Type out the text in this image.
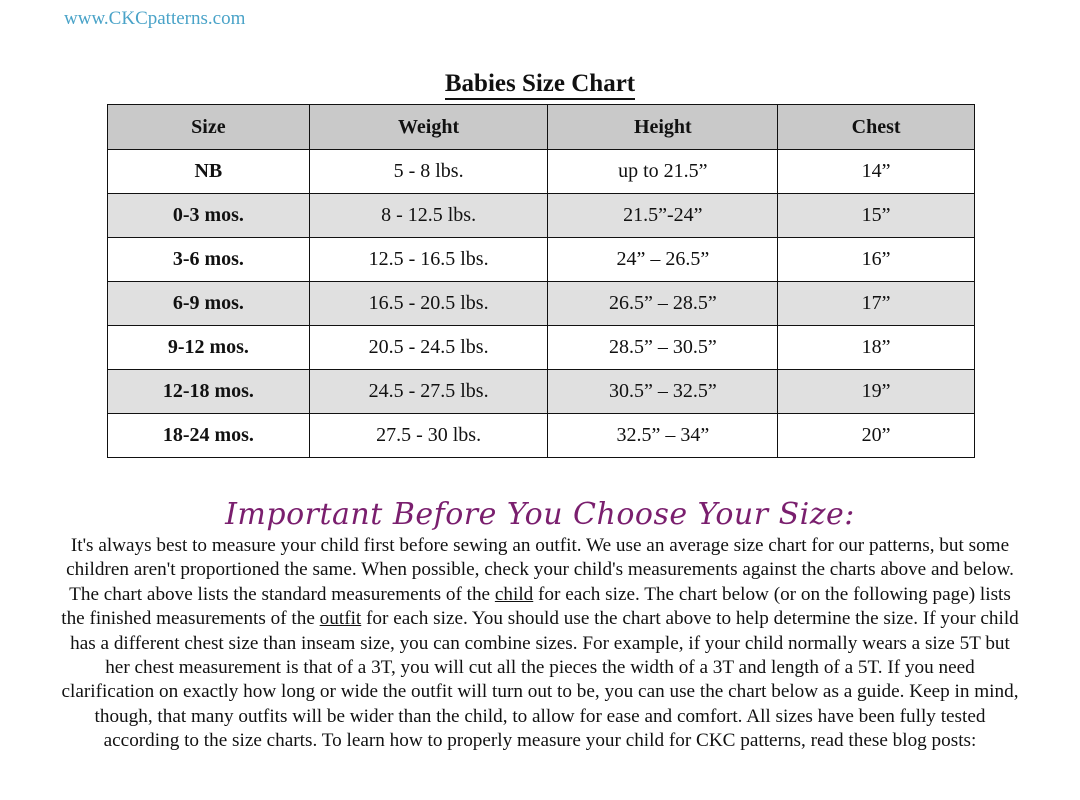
www.CKCpatterns.com
Babies Size Chart
Size	Weight	Height	Chest
NB	5 - 8 lbs.	up to 21.5”	14”
0-3 mos.	8 - 12.5 lbs.	21.5”-24”	15”
3-6 mos.	12.5 - 16.5 lbs.	24” – 26.5”	16”
6-9 mos.	16.5 - 20.5 lbs.	26.5” – 28.5”	17”
9-12 mos.	20.5 - 24.5 lbs.	28.5” – 30.5”	18”
12-18 mos.	24.5 - 27.5 lbs.	30.5” – 32.5”	19”
18-24 mos.	27.5 - 30 lbs.	32.5” – 34”	20”
Important Before You Choose Your Size:
It's always best to measure your child first before sewing an outfit. We use an average size chart for our patterns, but some children aren't proportioned the same. When possible, check your child's measurements against the charts above and below. The chart above lists the standard measurements of the child for each size. The chart below (or on the following page) lists the finished measurements of the outfit for each size. You should use the chart above to help determine the size. If your child has a different chest size than inseam size, you can combine sizes. For example, if your child normally wears a size 5T but her chest measurement is that of a 3T, you will cut all the pieces the width of a 3T and length of a 5T. If you need clarification on exactly how long or wide the outfit will turn out to be, you can use the chart below as a guide. Keep in mind, though, that many outfits will be wider than the child, to allow for ease and comfort. All sizes have been fully tested according to the size charts. To learn how to properly measure your child for CKC patterns, read these blog posts:
